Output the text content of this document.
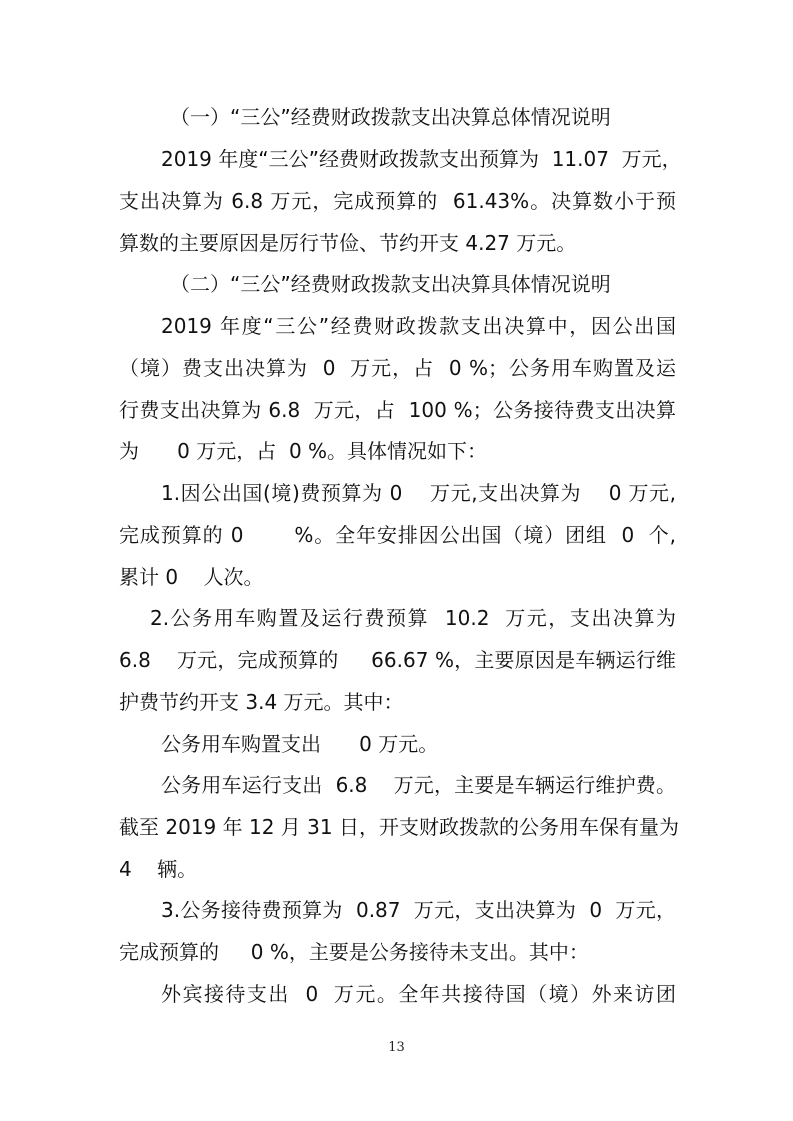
（一）“三公”经费财政拨款支出决算总体情况说明
2019 年度“三公”经费财政拨款支出预算为  11.07  万元，
支出决算为 6.8 万元，完成预算的  61.43%。决算数小于预
算数的主要原因是厉行节俭、节约开支 4.27 万元。
（二）“三公”经费财政拨款支出决算具体情况说明
2019 年度“三公”经费财政拨款支出决算中，因公出国
（境）费支出决算为  0  万元，占  0 %；公务用车购置及运
行费支出决算为 6.8  万元，占  100 %；公务接待费支出决算
为      0 万元，占  0 %。具体情况如下：
1.因公出国(境)费预算为 0    万元,支出决算为    0 万元,
完成预算的 0       %。全年安排因公出国（境）团组  0  个,
累计 0    人次。
2.公务用车购置及运行费预算  10.2  万元，支出决算为
6.8    万元，完成预算的     66.67 %，主要原因是车辆运行维
护费节约开支 3.4 万元。其中：
公务用车购置支出      0 万元。
公务用车运行支出  6.8    万元，主要是车辆运行维护费。
截至 2019 年 12 月 31 日，开支财政拨款的公务用车保有量为
4    辆。
3.公务接待费预算为  0.87  万元，支出决算为  0  万元，
完成预算的     0 %，主要是公务接待未支出。其中：
外宾接待支出  0  万元。全年共接待国（境）外来访团
13
